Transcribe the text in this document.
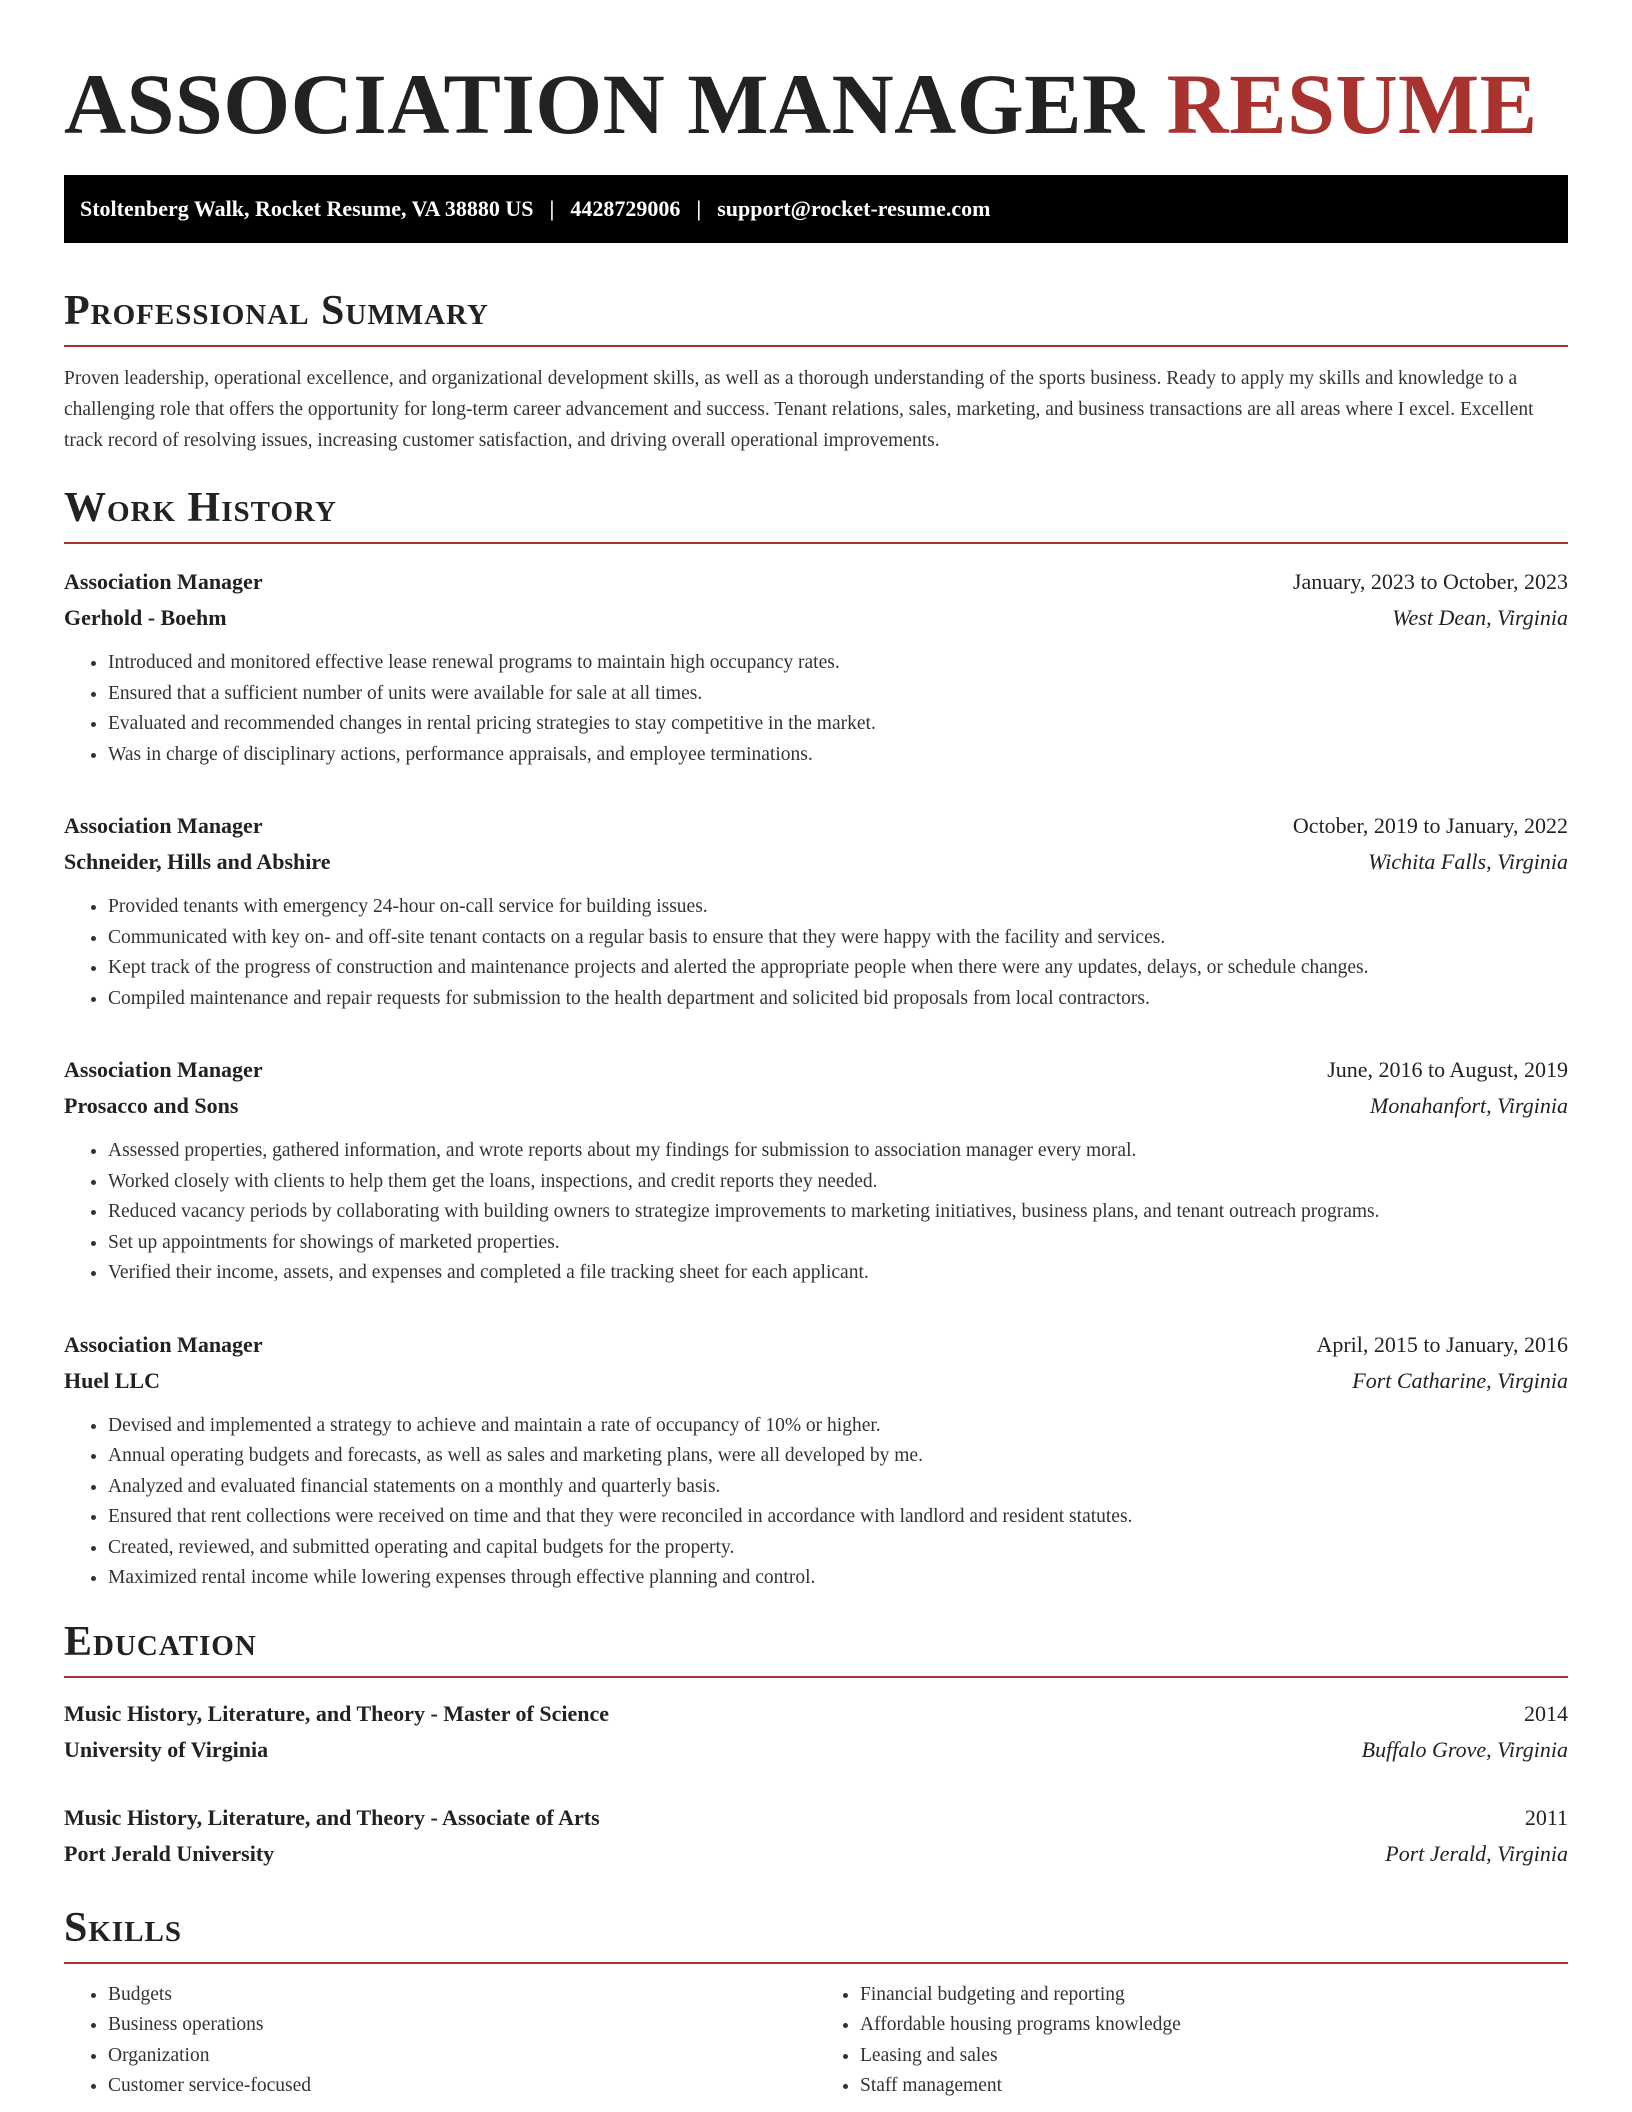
ASSOCIATION MANAGER RESUME
Stoltenberg Walk, Rocket Resume, VA 38880 US | 4428729006 | support@rocket-resume.com
Professional Summary

Proven leadership, operational excellence, and organizational development skills, as well as a thorough understanding of the sports business. Ready to apply my skills and knowledge to a challenging role that offers the opportunity for long-term career advancement and success. Tenant relations, sales, marketing, and business transactions are all areas where I excel. Excellent track record of resolving issues, increasing customer satisfaction, and driving overall operational improvements.

Work History
Association Manager	January, 2023 to October, 2023
Gerhold - Boehm	West Dean, Virginia
• Introduced and monitored effective lease renewal programs to maintain high occupancy rates.
• Ensured that a sufficient number of units were available for sale at all times.
• Evaluated and recommended changes in rental pricing strategies to stay competitive in the market.
• Was in charge of disciplinary actions, performance appraisals, and employee terminations.
Association Manager	October, 2019 to January, 2022
Schneider, Hills and Abshire	Wichita Falls, Virginia
• Provided tenants with emergency 24-hour on-call service for building issues.
• Communicated with key on- and off-site tenant contacts on a regular basis to ensure that they were happy with the facility and services.
• Kept track of the progress of construction and maintenance projects and alerted the appropriate people when there were any updates, delays, or schedule changes.
• Compiled maintenance and repair requests for submission to the health department and solicited bid proposals from local contractors.
Association Manager	June, 2016 to August, 2019
Prosacco and Sons	Monahanfort, Virginia
• Assessed properties, gathered information, and wrote reports about my findings for submission to association manager every moral.
• Worked closely with clients to help them get the loans, inspections, and credit reports they needed.
• Reduced vacancy periods by collaborating with building owners to strategize improvements to marketing initiatives, business plans, and tenant outreach programs.
• Set up appointments for showings of marketed properties.
• Verified their income, assets, and expenses and completed a file tracking sheet for each applicant.
Association Manager	April, 2015 to January, 2016
Huel LLC	Fort Catharine, Virginia
• Devised and implemented a strategy to achieve and maintain a rate of occupancy of 10% or higher.
• Annual operating budgets and forecasts, as well as sales and marketing plans, were all developed by me.
• Analyzed and evaluated financial statements on a monthly and quarterly basis.
• Ensured that rent collections were received on time and that they were reconciled in accordance with landlord and resident statutes.
• Created, reviewed, and submitted operating and capital budgets for the property.
• Maximized rental income while lowering expenses through effective planning and control.
Education
Music History, Literature, and Theory - Master of Science	2014
University of Virginia	Buffalo Grove, Virginia
Music History, Literature, and Theory - Associate of Arts	2011
Port Jerald University	Port Jerald, Virginia
Skills
• Budgets
• Business operations
• Organization
• Customer service-focused
• Financial budgeting and reporting
• Affordable housing programs knowledge
• Leasing and sales
• Staff management
